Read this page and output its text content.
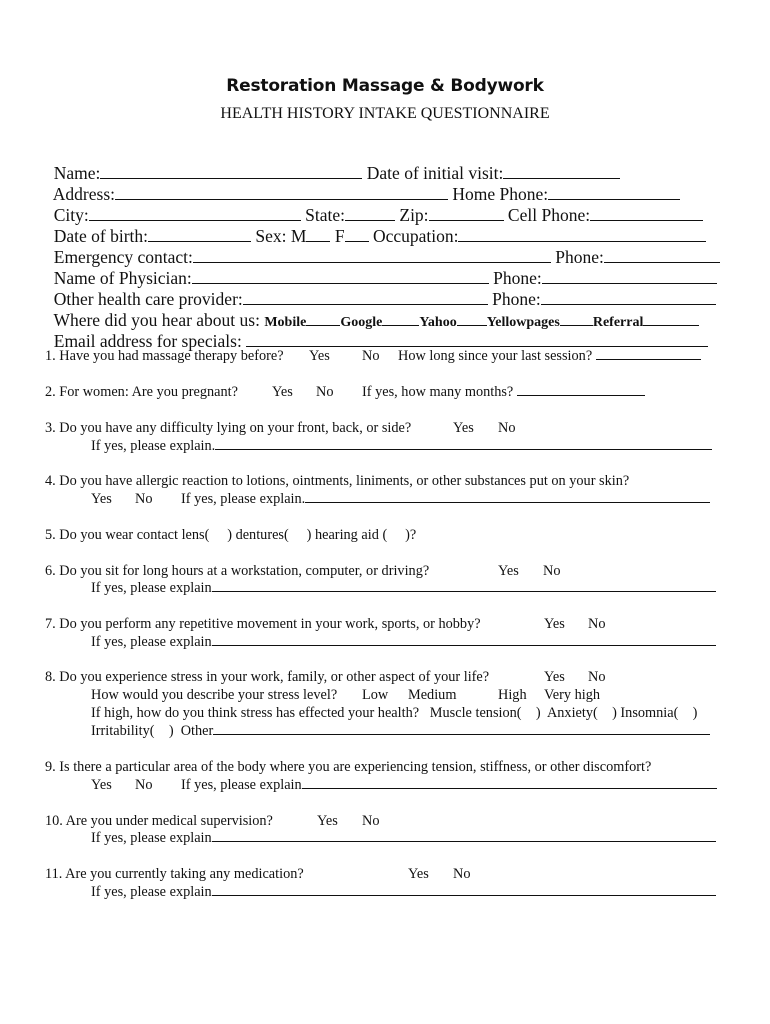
Restoration Massage & Bodywork
HEALTH HISTORY INTAKE QUESTIONNAIRE

Name:	Date of initial visit:

Address:	Home Phone:

City:	State:	Zip:	Cell Phone:

Date of birth:	Sex: M F Occupation:

Emergency contact:	Phone:

Name of Physician:	Phone:

Other health care provider:	Phone:

Where did you hear about us: Mobile Google	Yahoo Yellowpages Referral

Email address for specials:

1. Have you had massage therapy before? Yes No How long since your last session?
2. For women: Are you pregnant? Yes No If yes, how many months?
3. Do you have any difficulty lying on your front, back, or side?	Yes No
If yes, please explain.
4. Do you have allergic reaction to lotions, ointments, liniments, or other substances put on your skin?
Yes No If yes, please explain.
5. Do you wear contact lens(     ) dentures(     ) hearing aid (     )?
6. Do you sit for long hours at a workstation, computer, or driving?	Yes No
If yes, please explain
7. Do you perform any repetitive movement in your work, sports, or hobby?	Yes No
If yes, please explain
8. Do you experience stress in your work, family, or other aspect of your life?	Yes No
How would you describe your stress level? Low Medium	High Very high
If high, how do you think stress has effected your health?   Muscle tension(    )  Anxiety(    ) Insomnia(    )
Irritability(    )  Other
9. Is there a particular area of the body where you are experiencing tension, stiffness, or other discomfort?
Yes No If yes, please explain
10. Are you under medical supervision?	Yes No
If yes, please explain
11. Are you currently taking any medication?	Yes No
If yes, please explain
